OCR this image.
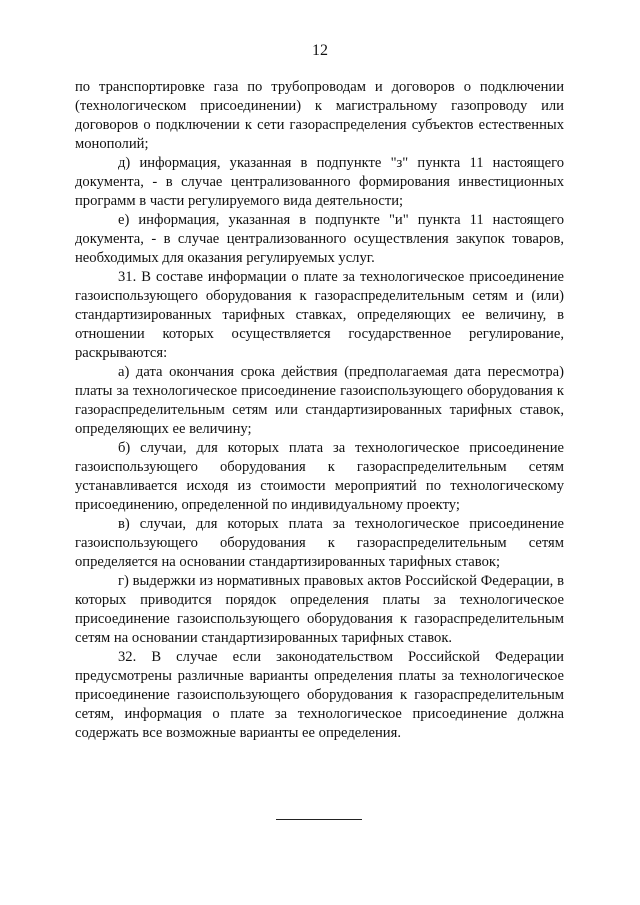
12

по транспортировке газа по трубопроводам и договоров о подключении (технологическом присоединении) к магистральному газопроводу или договоров о подключении к сети газораспределения субъектов естественных монополий;

д) информация, указанная в подпункте "з" пункта 11 настоящего документа, - в случае централизованного формирования инвестиционных программ в части регулируемого вида деятельности;

е) информация, указанная в подпункте "и" пункта 11 настоящего документа, - в случае централизованного осуществления закупок товаров, необходимых для оказания регулируемых услуг.

31. В составе информации о плате за технологическое присоединение газоиспользующего оборудования к газораспределительным сетям и (или) стандартизированных тарифных ставках, определяющих ее величину, в отношении которых осуществляется государственное регулирование, раскрываются:

а) дата окончания срока действия (предполагаемая дата пересмотра) платы за технологическое присоединение газоиспользующего оборудования к газораспределительным сетям или стандартизированных тарифных ставок, определяющих ее величину;

б) случаи, для которых плата за технологическое присоединение газоиспользующего оборудования к газораспределительным сетям устанавливается исходя из стоимости мероприятий по технологическому присоединению, определенной по индивидуальному проекту;

в) случаи, для которых плата за технологическое присоединение газоиспользующего оборудования к газораспределительным сетям определяется на основании стандартизированных тарифных ставок;

г) выдержки из нормативных правовых актов Российской Федерации, в которых приводится порядок определения платы за технологическое присоединение газоиспользующего оборудования к газораспределительным сетям на основании стандартизированных тарифных ставок.

32. В случае если законодательством Российской Федерации предусмотрены различные варианты определения платы за технологическое присоединение газоиспользующего оборудования к газораспределительным сетям, информация о плате за технологическое присоединение должна содержать все возможные варианты ее определения.
